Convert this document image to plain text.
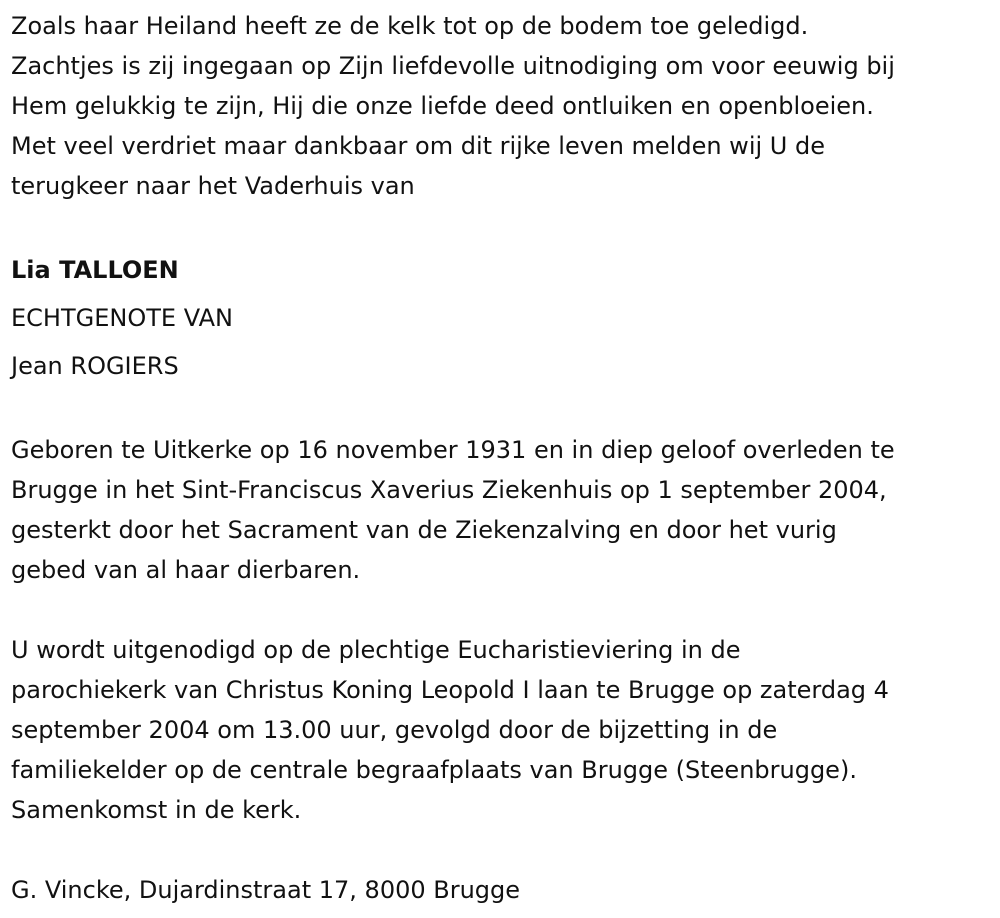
Zoals haar Heiland heeft ze de kelk tot op de bodem toe geledigd.
Zachtjes is zij ingegaan op Zijn liefdevolle uitnodiging om voor eeuwig bij
Hem gelukkig te zijn, Hij die onze liefde deed ontluiken en openbloeien.
Met veel verdriet maar dankbaar om dit rijke leven melden wij U de
terugkeer naar het Vaderhuis van

Lia TALLOEN
ECHTGENOTE VAN
Jean ROGIERS

Geboren te Uitkerke op 16 november 1931 en in diep geloof overleden te
Brugge in het Sint-Franciscus Xaverius Ziekenhuis op 1 september 2004,
gesterkt door het Sacrament van de Ziekenzalving en door het vurig
gebed van al haar dierbaren.

U wordt uitgenodigd op de plechtige Eucharistieviering in de
parochiekerk van Christus Koning Leopold I laan te Brugge op zaterdag 4
september 2004 om 13.00 uur, gevolgd door de bijzetting in de
familiekelder op de centrale begraafplaats van Brugge (Steenbrugge).
Samenkomst in de kerk.

G. Vincke, Dujardinstraat 17, 8000 Brugge
